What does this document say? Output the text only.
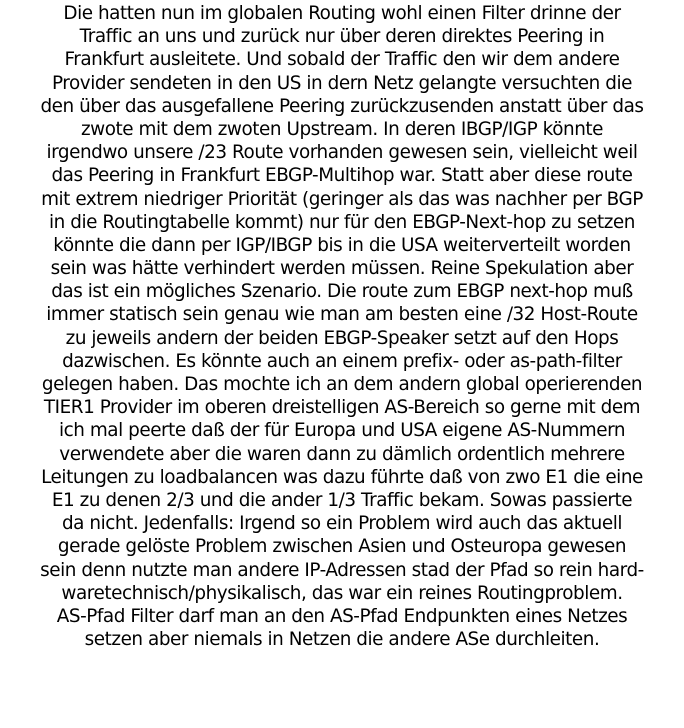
Die hatten nun im globalen Routing wohl einen Filter drinne der
Traffic an uns und zurück nur über deren direktes Peering in
Frankfurt ausleitete. Und sobald der Traffic den wir dem andere
Provider sendeten in den US in dern Netz gelangte versuchten die
den über das ausgefallene Peering zurückzusenden anstatt über das
zwote mit dem zwoten Upstream. In deren IBGP/IGP könnte
irgendwo unsere /23 Route vorhanden gewesen sein, vielleicht weil
das Peering in Frankfurt EBGP-Multihop war. Statt aber diese route
mit extrem niedriger Priorität (geringer als das was nachher per BGP
in die Routingtabelle kommt) nur für den EBGP-Next-hop zu setzen
könnte die dann per IGP/IBGP bis in die USA weiterverteilt worden
sein was hätte verhindert werden müssen. Reine Spekulation aber
das ist ein mögliches Szenario. Die route zum EBGP next-hop muß
immer statisch sein genau wie man am besten eine /32 Host-Route
zu jeweils andern der beiden EBGP-Speaker setzt auf den Hops
dazwischen. Es könnte auch an einem prefix- oder as-path-filter
gelegen haben. Das mochte ich an dem andern global operierenden
TIER1 Provider im oberen dreistelligen AS-Bereich so gerne mit dem
ich mal peerte daß der für Europa und USA eigene AS-Nummern
verwendete aber die waren dann zu dämlich ordentlich mehrere
Leitungen zu loadbalancen was dazu führte daß von zwo E1 die eine
E1 zu denen 2/3 und die ander 1/3 Traffic bekam. Sowas passierte
da nicht. Jedenfalls: Irgend so ein Problem wird auch das aktuell
gerade gelöste Problem zwischen Asien und Osteuropa gewesen
sein denn nutzte man andere IP-Adressen stad der Pfad so rein hard-
waretechnisch/physikalisch, das war ein reines Routingproblem.
AS-Pfad Filter darf man an den AS-Pfad Endpunkten eines Netzes
setzen aber niemals in Netzen die andere ASe durchleiten.
